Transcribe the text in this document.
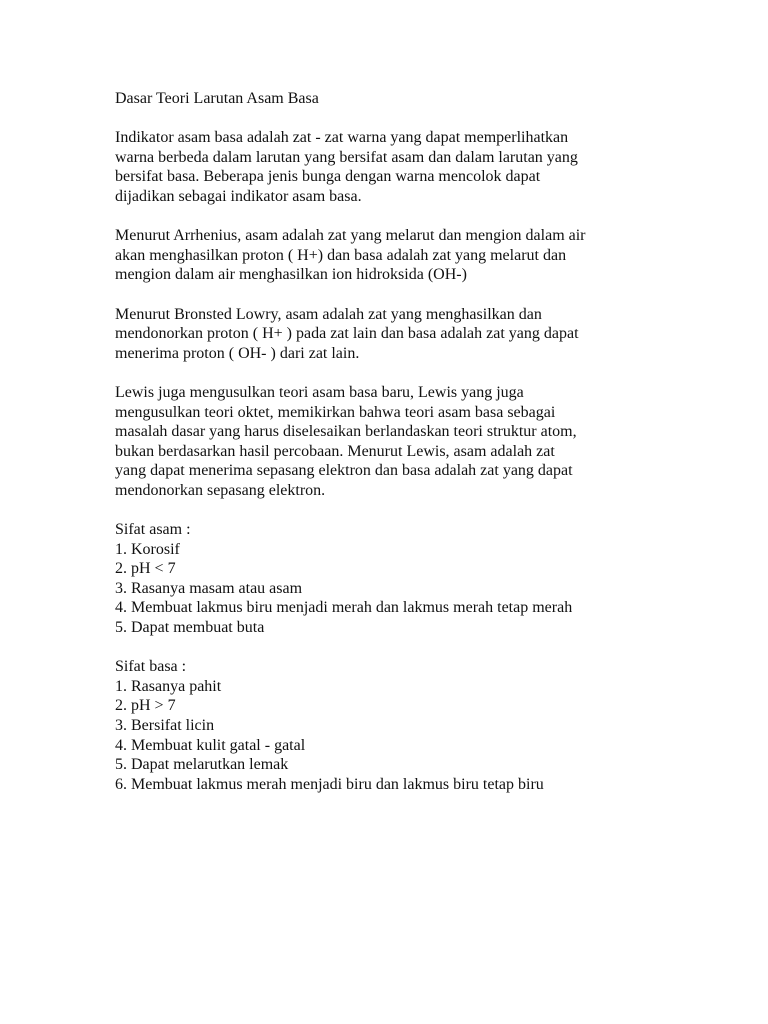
Dasar Teori Larutan Asam Basa

Indikator asam basa adalah zat - zat warna yang dapat memperlihatkan
warna berbeda dalam larutan yang bersifat asam dan dalam larutan yang
bersifat basa. Beberapa jenis bunga dengan warna mencolok dapat
dijadikan sebagai indikator asam basa.

Menurut Arrhenius, asam adalah zat yang melarut dan mengion dalam air
akan menghasilkan proton ( H+) dan basa adalah zat yang melarut dan
mengion dalam air menghasilkan ion hidroksida (OH-)

Menurut Bronsted Lowry, asam adalah zat yang menghasilkan dan
mendonorkan proton ( H+ ) pada zat lain dan basa adalah zat yang dapat
menerima proton ( OH- ) dari zat lain.

Lewis juga mengusulkan teori asam basa baru, Lewis yang juga
mengusulkan teori oktet, memikirkan bahwa teori asam basa sebagai
masalah dasar yang harus diselesaikan berlandaskan teori struktur atom,
bukan berdasarkan hasil percobaan. Menurut Lewis, asam adalah zat
yang dapat menerima sepasang elektron dan basa adalah zat yang dapat
mendonorkan sepasang elektron.

Sifat asam :
1. Korosif
2. pH < 7
3. Rasanya masam atau asam
4. Membuat lakmus biru menjadi merah dan lakmus merah tetap merah
5. Dapat membuat buta
Sifat basa :
1. Rasanya pahit
2. pH > 7
3. Bersifat licin
4. Membuat kulit gatal - gatal
5. Dapat melarutkan lemak
6. Membuat lakmus merah menjadi biru dan lakmus biru tetap biru
